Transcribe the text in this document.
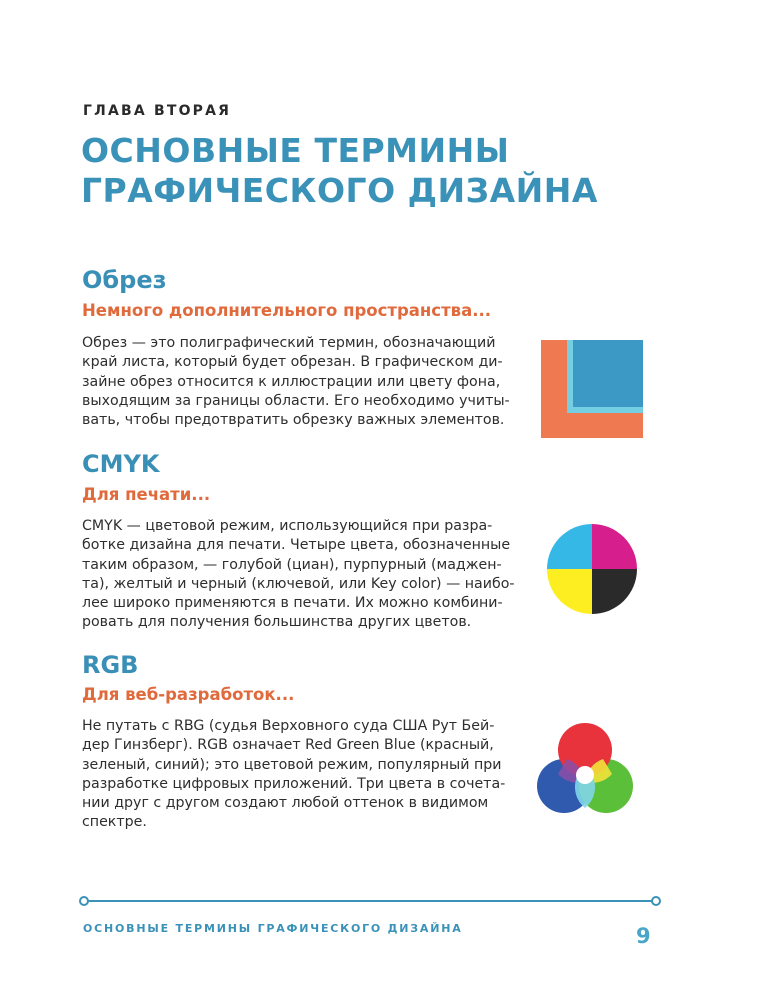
ГЛАВА ВТОРАЯ
ОСНОВНЫЕ ТЕРМИНЫ
ГРАФИЧЕСКОГО ДИЗАЙНА
Обрез
Немного дополнительного пространства...
Обрез — это полиграфический термин, обозначающий
край листа, который будет обрезан. В графическом ди-
зайне обрез относится к иллюстрации или цвету фона,
выходящим за границы области. Его необходимо учиты-
вать, чтобы предотвратить обрезку важных элементов.
CMYK
Для печати...
CMYK — цветовой режим, использующийся при разра-
ботке дизайна для печати. Четыре цвета, обозначенные
таким образом, — голубой (циан), пурпурный (маджен-
та), желтый и черный (ключевой, или Key color) — наибо-
лее широко применяются в печати. Их можно комбини-
ровать для получения большинства других цветов.
RGB
Для веб-разработок...
Не путать с RBG (судья Верховного суда США Рут Бей-
дер Гинзберг). RGB означает Red Green Blue (красный,
зеленый, синий); это цветовой режим, популярный при
разработке цифровых приложений. Три цвета в сочета-
нии друг с другом создают любой оттенок в видимом
спектре.
ОСНОВНЫЕ ТЕРМИНЫ ГРАФИЧЕСКОГО ДИЗАЙНА	9
